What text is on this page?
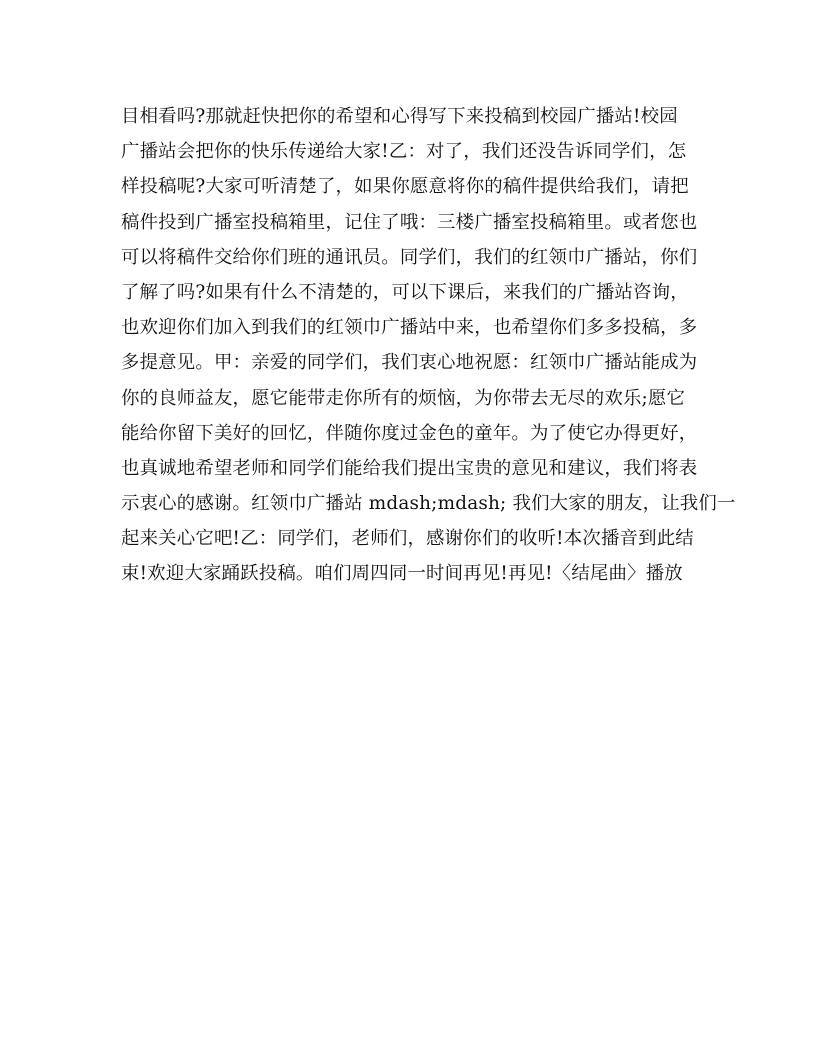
目相看吗?那就赶快把你的希望和心得写下来投稿到校园广播站!校园
广播站会把你的快乐传递给大家!乙：对了，我们还没告诉同学们，怎
样投稿呢?大家可听清楚了，如果你愿意将你的稿件提供给我们，请把
稿件投到广播室投稿箱里，记住了哦：三楼广播室投稿箱里。或者您也
可以将稿件交给你们班的通讯员。同学们，我们的红领巾广播站，你们
了解了吗?如果有什么不清楚的，可以下课后，来我们的广播站咨询，
也欢迎你们加入到我们的红领巾广播站中来，也希望你们多多投稿，多
多提意见。甲：亲爱的同学们，我们衷心地祝愿：红领巾广播站能成为
你的良师益友，愿它能带走你所有的烦恼，为你带去无尽的欢乐;愿它
能给你留下美好的回忆，伴随你度过金色的童年。为了使它办得更好，
也真诚地希望老师和同学们能给我们提出宝贵的意见和建议，我们将表
示衷心的感谢。红领巾广播站 mdash;mdash; 我们大家的朋友，让我们一
起来关心它吧!乙：同学们，老师们，感谢你们的收听!本次播音到此结
束!欢迎大家踊跃投稿。咱们周四同一时间再见!再见!〈结尾曲〉播放
